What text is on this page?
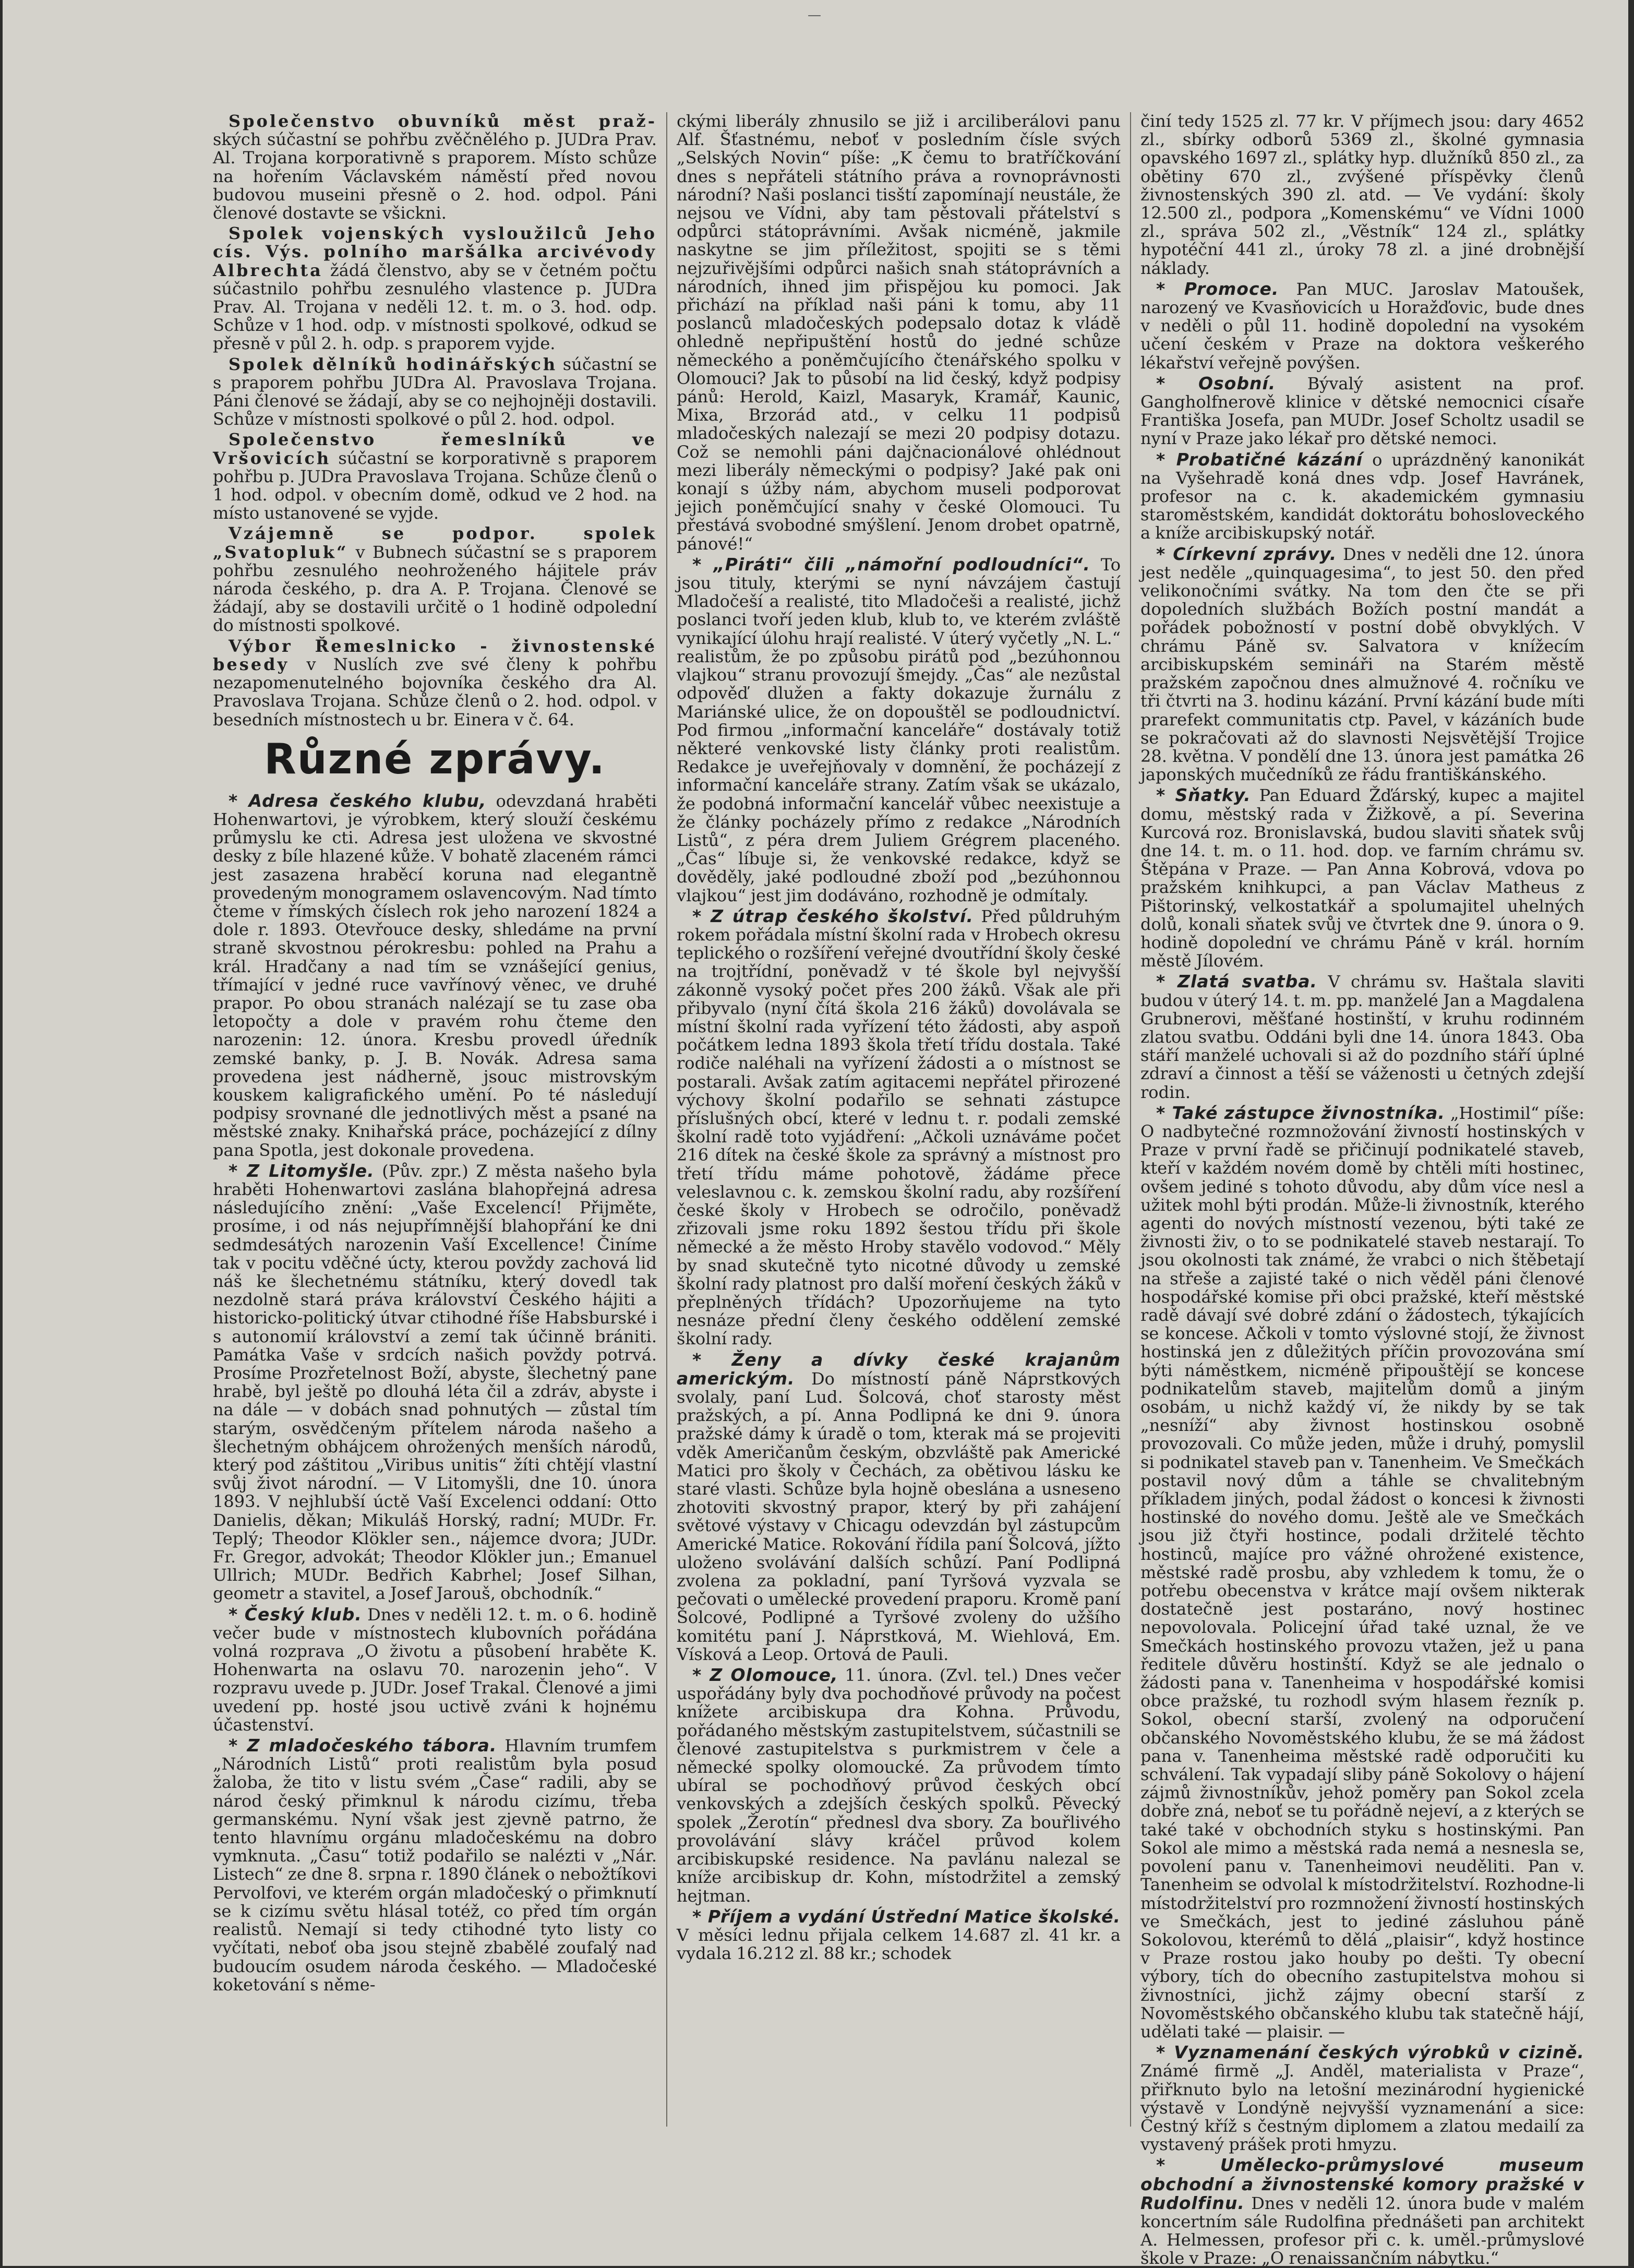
—

Společenstvo obuvníků měst praž- ských súčastní se pohřbu zvěčnělého p. JUDra Prav. Al. Trojana korporativně s praporem. Místo schůze na hořením Václavském náměstí před novou budovou museini přesně o 2. hod. odpol. Páni členové dostavte se všickni.

Spolek vojenských vysloužilců Jeho cís. Výs. polního maršálka arcivévody Albrechta žádá členstvo, aby se v četném počtu súčastnilo pohřbu zesnulého vlastence p. JUDra Prav. Al. Trojana v neděli 12. t. m. o 3. hod. odp. Schůze v 1 hod. odp. v místnosti spolkové, odkud se přesně v půl 2. h. odp. s praporem vyjde.

Spolek dělníků hodinářských súčastní se s praporem pohřbu JUDra Al. Pravoslava Trojana. Páni členové se žádají, aby se co nejhojněji dostavili. Schůze v místnosti spolkové o půl 2. hod. odpol.

Společenstvo řemeslníků ve Vršovicích súčastní se korporativně s praporem pohřbu p. JUDra Pravoslava Trojana. Schůze členů o 1 hod. odpol. v obecním domě, odkud ve 2 hod. na místo ustanovené se vyjde.

Vzájemně se podpor. spolek „Svatopluk“ v Bubnech súčastní se s praporem pohřbu zesnulého neohroženého hájitele práv národa českého, p. dra A. P. Trojana. Členové se žádají, aby se dostavili určitě o 1 hodině odpolední do místnosti spolkové.

Výbor Řemeslnicko - živnostenské besedy v Nuslích zve své členy k pohřbu nezapomenutelného bojovníka českého dra Al. Pravoslava Trojana. Schůze členů o 2. hod. odpol. v besedních místnostech u br. Einera v č. 64.

Různé zprávy.

* Adresa českého klubu, odevzdaná hraběti Hohenwartovi, je výrobkem, který slouží českému průmyslu ke cti. Adresa jest uložena ve skvostné desky z bíle hlazené kůže. V bohatě zlaceném rámci jest zasazena hraběcí koruna nad elegantně provedeným monogramem oslavencovým. Nad tímto čteme v římských číslech rok jeho narození 1824 a dole r. 1893. Otevřouce desky, shledáme na první straně skvostnou pérokresbu: pohled na Prahu a král. Hradčany a nad tím se vznášející genius, třímající v jedné ruce vavřínový věnec, ve druhé prapor. Po obou stranách nalézají se tu zase oba letopočty a dole v pravém rohu čteme den narozenin: 12. února. Kresbu provedl úředník zemské banky, p. J. B. Novák. Adresa sama provedena jest nádherně, jsouc mistrovským kouskem kaligrafického umění. Po té následují podpisy srovnané dle jednotlivých měst a psané na městské znaky. Knihařská práce, pocházející z dílny pana Spotla, jest dokonale provedena.

* Z Litomyšle. (Pův. zpr.) Z města našeho byla hraběti Hohenwartovi zaslána blahopřejná adresa následujícího znění: „Vaše Excelencí! Přijměte, prosíme, i od nás nejupřímnější blahopřání ke dni sedmdesátých narozenin Vaší Excellence! Činíme tak v pocitu vděčné úcty, kterou povždy zachová lid náš ke šlechetnému státníku, který dovedl tak nezdolně stará práva království Českého hájiti a historicko-politický útvar ctihodné říše Habsburské i s autonomií království a zemí tak účinně brániti. Památka Vaše v srdcích našich povždy potrvá. Prosíme Prozřetelnost Boží, abyste, šlechetný pane hrabě, byl ještě po dlouhá léta čil a zdráv, abyste i na dále — v dobách snad pohnutých — zůstal tím starým, osvědčeným přítelem národa našeho a šlechetným obhájcem ohrožených menších národů, který pod záštitou „Viribus unitis“ žíti chtějí vlastní svůj život národní. — V Litomyšli, dne 10. února 1893. V nejhlubší úctě Vaší Excelenci oddaní: Otto Danielis, děkan; Mikuláš Horský, radní; MUDr. Fr. Teplý; Theodor Klökler sen., nájemce dvora; JUDr. Fr. Gregor, advokát; Theodor Klökler jun.; Emanuel Ullrich; MUDr. Bedřich Kabrhel; Josef Silhan, geometr a stavitel, a Josef Jarouš, obchodník.“

* Český klub. Dnes v neděli 12. t. m. o 6. hodině večer bude v místnostech klubovních pořádána volná rozprava „O životu a působení hraběte K. Hohenwarta na oslavu 70. narozenin jeho“. V rozpravu uvede p. JUDr. Josef Trakal. Členové a jimi uvedení pp. hosté jsou uctivě zváni k hojnému účastenství.

* Z mladočeského tábora. Hlavním trumfem „Národních Listů“ proti realistům byla posud žaloba, že tito v listu svém „Čase“ radili, aby se národ český přimknul k národu cizímu, třeba germanskému. Nyní však jest zjevně patrno, že tento hlavnímu orgánu mladočeskému na dobro vymknuta. „Času“ totiž podařilo se nalézti v „Nár. Listech“ ze dne 8. srpna r. 1890 článek o nebožtíkovi Pervolfovi, ve kterém orgán mladočeský o přimknutí se k cizímu světu hlásal totéž, co před tím orgán realistů. Nemají si tedy ctihodné tyto listy co vyčítati, neboť oba jsou stejně zbabělé zoufalý nad budoucím osudem národa českého. — Mladočeské koketování s něme-

ckými liberály zhnusilo se již i arciliberálovi panu Alf. Šťastnému, neboť v posledním čísle svých „Selských Novin“ píše: „K čemu to bratříčkování dnes s nepřáteli státního práva a rovnoprávnosti národní? Naši poslanci tisští zapomínají neustále, že nejsou ve Vídni, aby tam pěstovali přátelství s odpůrci státoprávními. Avšak nicméně, jakmile naskytne se jim příležitost, spojiti se s těmi nejzuřivějšími odpůrci našich snah státoprávních a národních, ihned jim přispějou ku pomoci. Jak přichází na příklad naši páni k tomu, aby 11 poslanců mladočeských podepsalo dotaz k vládě ohledně nepřipuštění hostů do jedné schůze německého a poněmčujícího čtenářského spolku v Olomouci? Jak to působí na lid český, když podpisy pánů: Herold, Kaizl, Masaryk, Kramář, Kaunic, Mixa, Brzorád atd., v celku 11 podpisů mladočeských nalezají se mezi 20 podpisy dotazu. Což se nemohli páni dajčnacionálové ohlédnout mezi liberály německými o podpisy? Jaké pak oni konají s úžby nám, abychom museli podporovat jejich poněmčující snahy v české Olomouci. Tu přestává svobodné smýšlení. Jenom drobet opatrně, pánové!“

* „Piráti“ čili „námořní podloudníci“. To jsou tituly, kterými se nyní návzájem častují Mladočeší a realisté, tito Mladočeši a realisté, jichž poslanci tvoří jeden klub, klub to, ve kterém zvláště vynikající úlohu hrají realisté. V úterý vyčetly „N. L.“ realistům, že po způsobu pirátů pod „bezúhonnou vlajkou“ stranu provozují šmejdy. „Čas“ ale nezůstal odpověď dlužen a fakty dokazuje žurnálu z Mariánské ulice, že on dopouštěl se podloudnictví. Pod firmou „informační kanceláře“ dostávaly totiž některé venkovské listy články proti realistům. Redakce je uveřejňovaly v domnění, že pocházejí z informační kanceláře strany. Zatím však se ukázalo, že podobná informační kancelář vůbec neexistuje a že články pocházely přímo z redakce „Národních Listů“, z péra drem Juliem Grégrem placeného. „Čas“ líbuje si, že venkovské redakce, když se dověděly, jaké podloudné zboží pod „bezúhonnou vlajkou“ jest jim dodáváno, rozhodně je odmítaly.

* Z útrap českého školství. Před půldruhým rokem pořádala místní školní rada v Hrobech okresu teplického o rozšíření veřejné dvoutřídní školy české na trojtřídní, poněvadž v té škole byl nejvyšší zákonně vysoký počet přes 200 žáků. Však ale při přibyvalo (nyní čítá škola 216 žáků) dovolávala se místní školní rada vyřízení této žádosti, aby aspoň počátkem ledna 1893 škola třetí třídu dostala. Také rodiče naléhali na vyřízení žádosti a o místnost se postarali. Avšak zatím agitacemi nepřátel přirozené výchovy školní podařilo se sehnati zástupce příslušných obcí, které v lednu t. r. podali zemské školní radě toto vyjádření: „Ačkoli uznáváme počet 216 dítek na české škole za správný a místnost pro třetí třídu máme pohotově, žádáme přece veleslavnou c. k. zemskou školní radu, aby rozšíření české školy v Hrobech se odročilo, poněvadž zřizovali jsme roku 1892 šestou třídu při škole německé a že město Hroby stavělo vodovod.“ Měly by snad skutečně tyto nicotné důvody u zemské školní rady platnost pro další moření českých žáků v přeplněných třídách? Upozorňujeme na tyto nesnáze přední členy českého oddělení zemské školní rady.

* Ženy a dívky české krajanům americkým. Do místností páně Náprstkových svolaly, paní Lud. Šolcová, choť starosty měst pražských, a pí. Anna Podlipná ke dni 9. února pražské dámy k úradě o tom, kterak má se projeviti vděk Američanům českým, obzvláště pak Americké Matici pro školy v Čechách, za obětivou lásku ke staré vlasti. Schůze byla hojně obeslána a usneseno zhotoviti skvostný prapor, který by při zahájení světové výstavy v Chicagu odevzdán byl zástupcům Americké Matice. Rokování řídila paní Šolcová, jížto uloženo svolávání dalších schůzí. Paní Podlipná zvolena za pokladní, paní Tyršová vyzvala se pečovati o umělecké provedení praporu. Kromě paní Šolcové, Podlipné a Tyršové zvoleny do užšího komitétu paní J. Náprstková, M. Wiehlová, Em. Vísková a Leop. Ortová de Pauli.

* Z Olomouce, 11. února. (Zvl. tel.) Dnes večer uspořádány byly dva pochodňové průvody na počest knížete arcibiskupa dra Kohna. Průvodu, pořádaného městským zastupitelstvem, súčastnili se členové zastupitelstva s purkmistrem v čele a německé spolky olomoucké. Za průvodem tímto ubíral se pochodňový průvod českých obcí venkovských a zdejších českých spolků. Pěvecký spolek „Žerotín“ přednesl dva sbory. Za bouřlivého provolávání slávy kráčel průvod kolem arcibiskupské residence. Na pavlánu nalezal se kníže arcibiskup dr. Kohn, místodržitel a zemský hejtman.

* Příjem a vydání Ústřední Matice školské. V měsíci lednu přijala celkem 14.687 zl. 41 kr. a vydala 16.212 zl. 88 kr.; schodek

činí tedy 1525 zl. 77 kr. V příjmech jsou: dary 4652 zl., sbírky odborů 5369 zl., školné gymnasia opavského 1697 zl., splátky hyp. dlužníků 850 zl., za obětiny 670 zl., zvýšené příspěvky členů živnostenských 390 zl. atd. — Ve vydání: školy 12.500 zl., podpora „Komenskému“ ve Vídni 1000 zl., správa 502 zl., „Věstník“ 124 zl., splátky hypotéční 441 zl., úroky 78 zl. a jiné drobnější náklady.

* Promoce. Pan MUC. Jaroslav Matoušek, narozený ve Kvasňovicích u Horažďovic, bude dnes v neděli o půl 11. hodině dopolední na vysokém učení českém v Praze na doktora veškerého lékařství veřejně povýšen.

* Osobní. Bývalý asistent na prof. Gangholfnerově klinice v dětské nemocnici císaře Františka Josefa, pan MUDr. Josef Scholtz usadil se nyní v Praze jako lékař pro dětské nemoci.

* Probatičné kázání o uprázdněný kanonikát na Vyšehradě koná dnes vdp. Josef Havránek, profesor na c. k. akademickém gymnasiu staroměstském, kandidát doktorátu bohosloveckého a kníže arcibiskupský notář.

* Církevní zprávy. Dnes v neděli dne 12. února jest neděle „quinquagesima“, to jest 50. den před velikonočními svátky. Na tom den čte se při dopoledních službách Božích postní mandát a pořádek pobožností v postní době obvyklých. V chrámu Páně sv. Salvatora v knížecím arcibiskupském semináři na Starém městě pražském započnou dnes almužnové 4. ročníku ve tři čtvrti na 3. hodinu kázání. První kázání bude míti prarefekt communitatis ctp. Pavel, v kázáních bude se pokračovati až do slavnosti Nejsvětější Trojice 28. května. V pondělí dne 13. února jest památka 26 japonských mučedníků ze řádu františkánského.

* Sňatky. Pan Eduard Žďárský, kupec a majitel domu, městský rada v Žižkově, a pí. Severina Kurcová roz. Bronislavská, budou slaviti sňatek svůj dne 14. t. m. o 11. hod. dop. ve farním chrámu sv. Štěpána v Praze. — Pan Anna Kobrová, vdova po pražském knihkupci, a pan Václav Matheus z Pištorinský, velkostatkář a spolumajitel uhelných dolů, konali sňatek svůj ve čtvrtek dne 9. února o 9. hodině dopolední ve chrámu Páně v král. horním městě Jílovém.

* Zlatá svatba. V chrámu sv. Haštala slaviti budou v úterý 14. t. m. pp. manželé Jan a Magdalena Grubnerovi, měšťané hostinští, v kruhu rodinném zlatou svatbu. Oddáni byli dne 14. února 1843. Oba stáří manželé uchovali si až do pozdního stáří úplné zdraví a činnost a těší se váženosti u četných zdejší rodin.

* Také zástupce živnostníka. „Hostimil“ píše: O nadbytečné rozmnožování živností hostinských v Praze v první řadě se přičinují podnikatelé staveb, kteří v každém novém domě by chtěli míti hostinec, ovšem jediné s tohoto důvodu, aby dům více nesl a užitek mohl býti prodán. Může-li živnostník, kterého agenti do nových místností vezenou, býti také ze živnosti živ, o to se podnikatelé staveb nestarají. To jsou okolnosti tak známé, že vrabci o nich štěbetají na střeše a zajisté také o nich věděl páni členové hospodářské komise při obci pražské, kteří městské radě dávají své dobré zdání o žádostech, týkajících se koncese. Ačkoli v tomto výslovné stojí, že živnost hostinská jen z důležitých příčin provozována smí býti náměstkem, nicméně připouštějí se koncese podnikatelům staveb, majitelům domů a jiným osobám, u nichž každý ví, že nikdy by se tak „nesníží“ aby živnost hostinskou osobně provozovali. Co může jeden, může i druhý, pomyslil si podnikatel staveb pan v. Tanenheim. Ve Smečkách postavil nový dům a táhle se chvalitebným příkladem jiných, podal žádost o koncesi k živnosti hostinské do nového domu. Ještě ale ve Smečkách jsou již čtyři hostince, podali držitelé těchto hostinců, majíce pro vážné ohrožené existence, městské radě prosbu, aby vzhledem k tomu, že o potřebu obecenstva v krátce mají ovšem nikterak dostatečně jest postaráno, nový hostinec nepovolovala. Policejní úřad také uznal, že ve Smečkách hostinského provozu vtažen, jež u pana ředitele důvěru hostinští. Když se ale jednalo o žádosti pana v. Tanenheima v hospodářské komisi obce pražské, tu rozhodl svým hlasem řezník p. Sokol, obecní starší, zvolený na odporučení občanského Novoměstského klubu, že se má žádost pana v. Tanenheima městské radě odporučiti ku schválení. Tak vypadají sliby páně Sokolovy o hájení zájmů živnostníkův, jehož poměry pan Sokol zcela dobře zná, neboť se tu pořádně nejeví, a z kterých se také také v obchodních styku s hostinskými. Pan Sokol ale mimo a městská rada nemá a nesnesla se, povolení panu v. Tanenheimovi neuděliti. Pan v. Tanenheim se odvolal k místodržitelství. Rozhodne-li místodržitelství pro rozmnožení živností hostinských ve Smečkách, jest to jediné zásluhou páně Sokolovou, kterémů to dělá „plaisir“, když hostince v Praze rostou jako houby po dešti. Ty obecní výbory, tích do obecního zastupitelstva mohou si živnostníci, jichž zájmy obecní starší z Novoměstského občanského klubu tak statečně hájí, udělati také — plaisir. —

* Vyznamenání českých výrobků v cizině. Známé firmě „J. Anděl, materialista v Praze“, přiřknuto bylo na letošní mezinárodní hygienické výstavě v Londýně nejvyšší vyznamenání a sice: Čestný kříž s čestným diplomem a zlatou medailí za vystavený prášek proti hmyzu.

* Umělecko-průmyslové museum obchodní a živnostenské komory pražské v Rudolfinu. Dnes v neděli 12. února bude v malém koncertním sále Rudolfina přednášeti pan architekt A. Helmessen, profesor při c. k. uměl.-průmyslové škole v Praze: „O renaissančním nábytku.“
